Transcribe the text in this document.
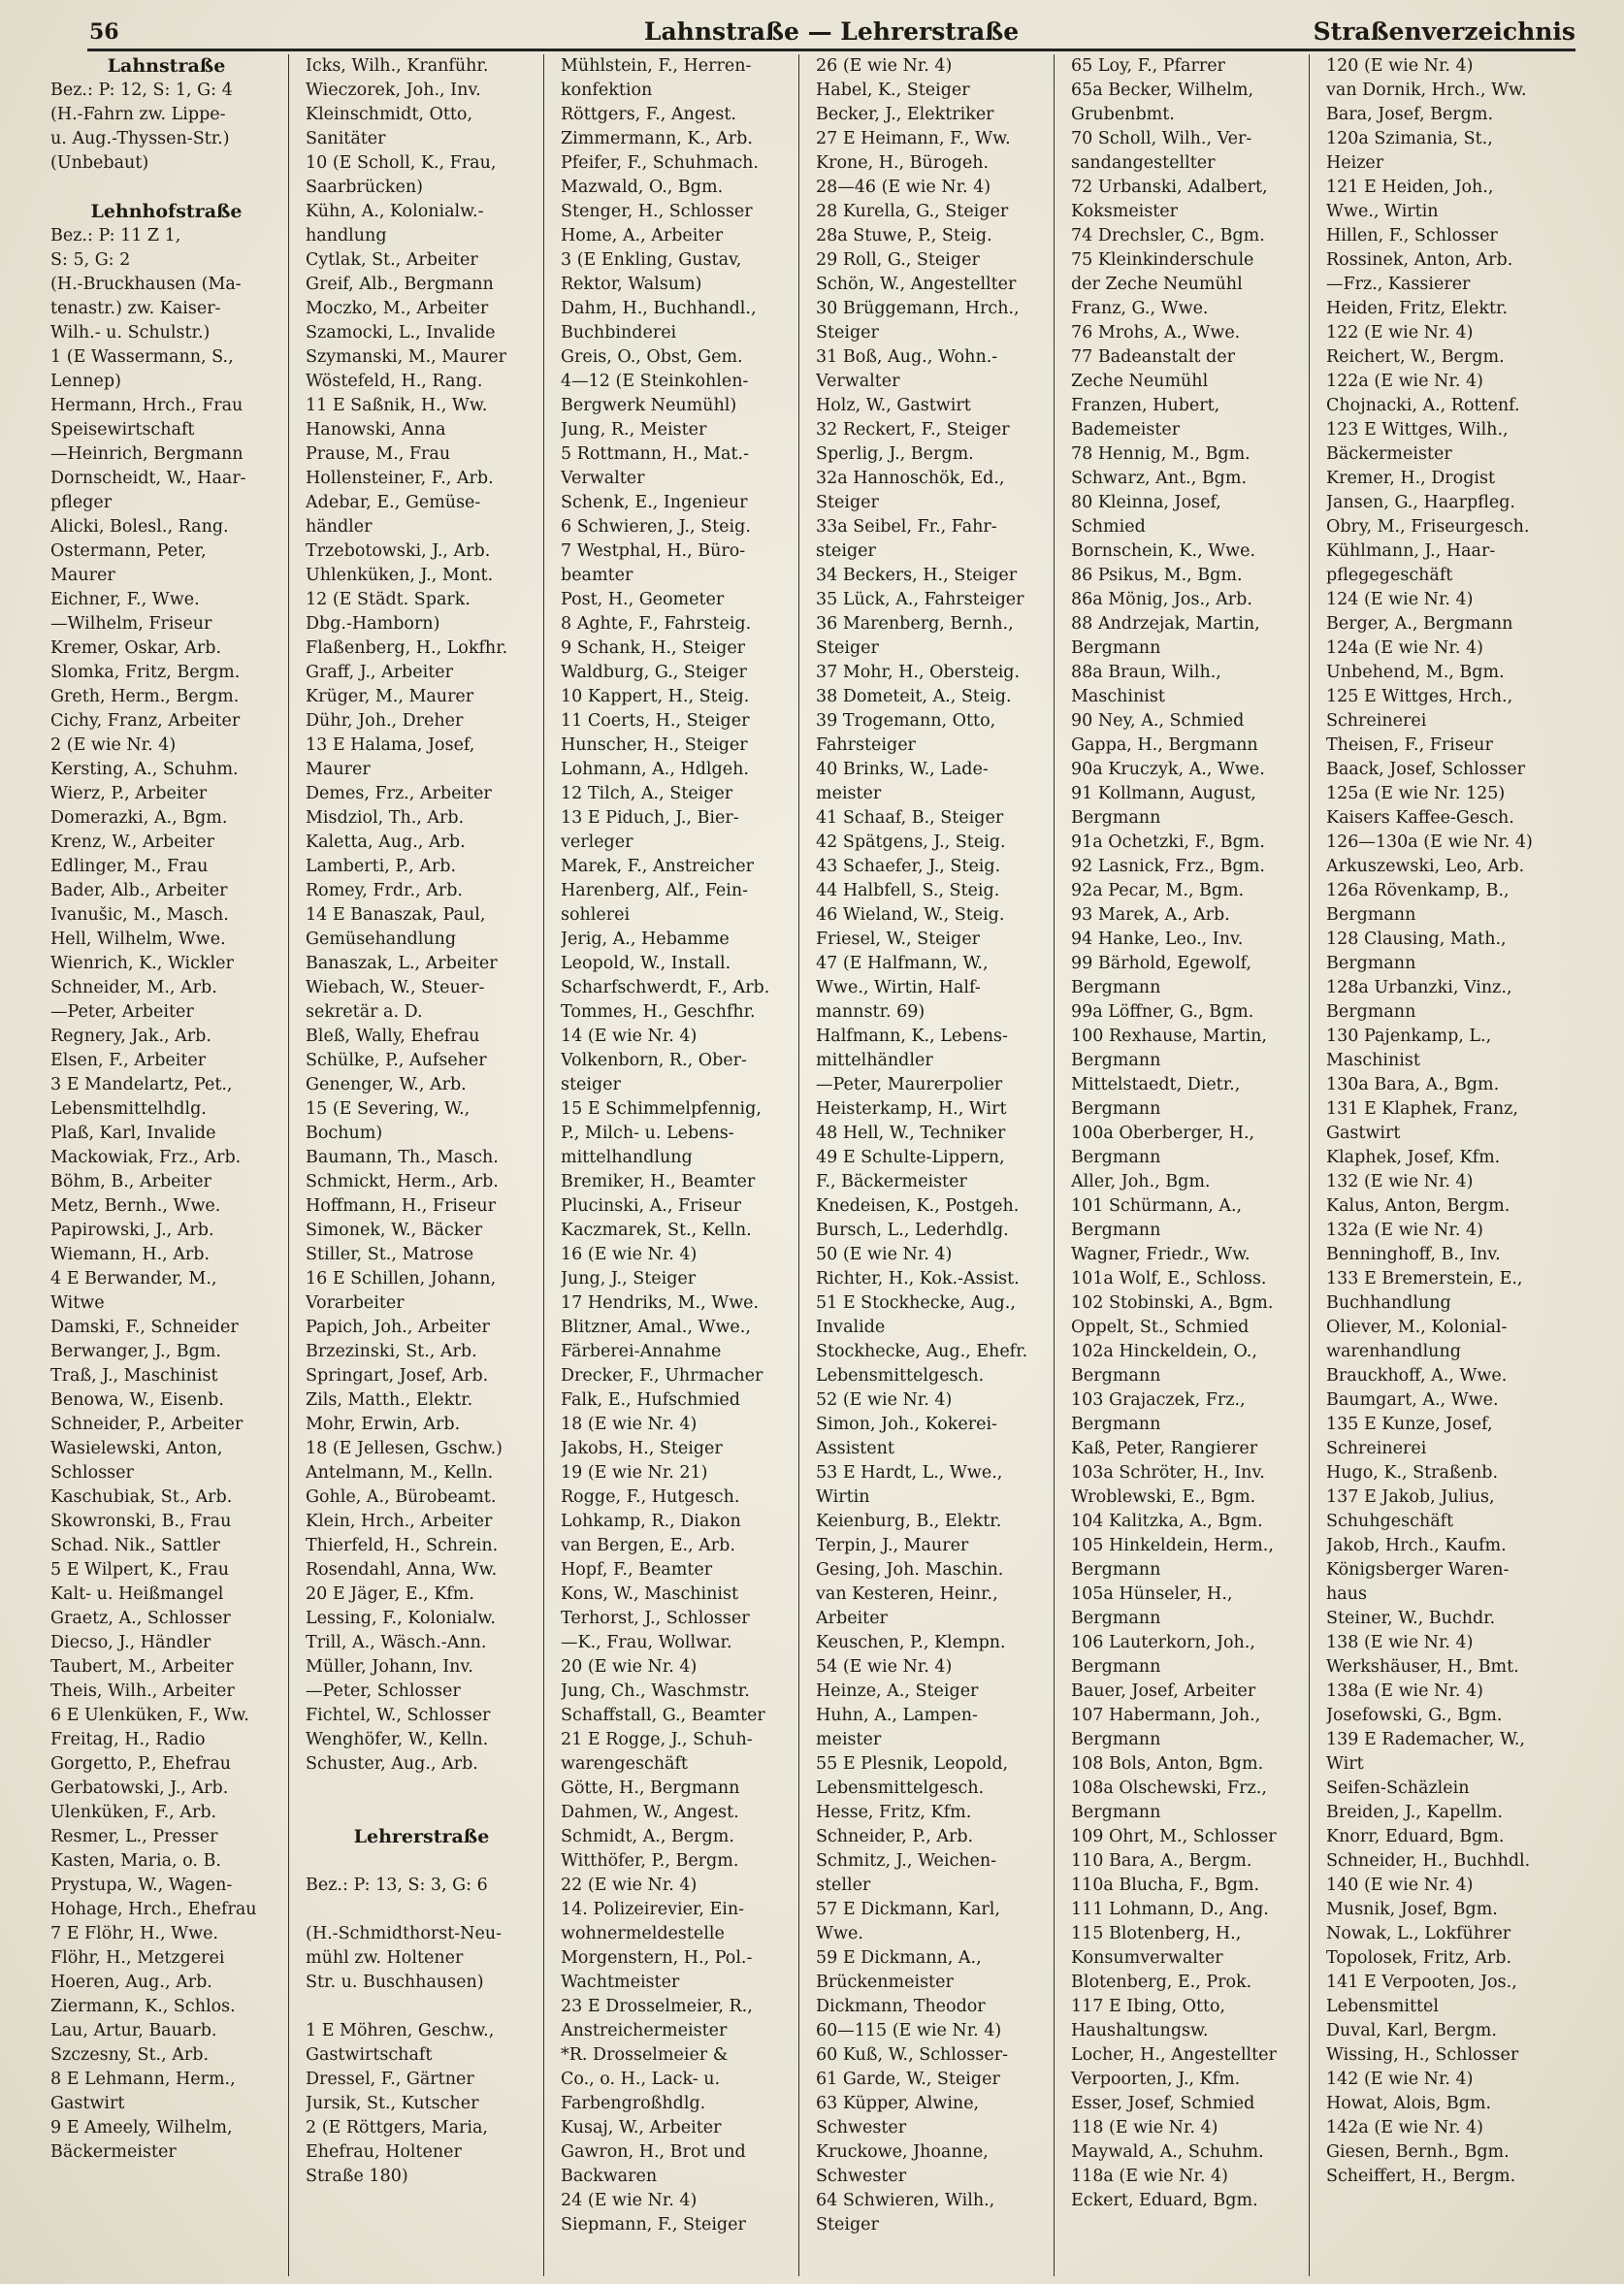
56	Lahnstraße — Lehrerstraße	Straßenverzeichnis
Lahnstraße
Bez.: P: 12, S: 1, G: 4
(H.-Fahrn zw. Lippe-
u. Aug.-Thyssen-Str.)
(Unbebaut)
Lehnhofstraße
Bez.: P: 11 Z 1,
S: 5, G: 2
(H.-Bruckhausen (Ma-
tenastr.) zw. Kaiser-
Wilh.- u. Schulstr.)
1 (E Wassermann, S.,
Lennep)
Hermann, Hrch., Frau
Speisewirtschaft
—Heinrich, Bergmann
Dornscheidt, W., Haar-
pfleger
Alicki, Bolesl., Rang.
Ostermann, Peter,
Maurer
Eichner, F., Wwe.
—Wilhelm, Friseur
Kremer, Oskar, Arb.
Slomka, Fritz, Bergm.
Greth, Herm., Bergm.
Cichy, Franz, Arbeiter
2 (E wie Nr. 4)
Kersting, A., Schuhm.
Wierz, P., Arbeiter
Domerazki, A., Bgm.
Krenz, W., Arbeiter
Edlinger, M., Frau
Bader, Alb., Arbeiter
Ivanušic, M., Masch.
Hell, Wilhelm, Wwe.
Wienrich, K., Wickler
Schneider, M., Arb.
—Peter, Arbeiter
Regnery, Jak., Arb.
Elsen, F., Arbeiter
3 E Mandelartz, Pet.,
Lebensmittelhdlg.
Plaß, Karl, Invalide
Mackowiak, Frz., Arb.
Böhm, B., Arbeiter
Metz, Bernh., Wwe.
Papirowski, J., Arb.
Wiemann, H., Arb.
4 E Berwander, M.,
Witwe
Damski, F., Schneider
Berwanger, J., Bgm.
Traß, J., Maschinist
Benowa, W., Eisenb.
Schneider, P., Arbeiter
Wasielewski, Anton,
Schlosser
Kaschubiak, St., Arb.
Skowronski, B., Frau
Schad. Nik., Sattler
5 E Wilpert, K., Frau
Kalt- u. Heißmangel
Graetz, A., Schlosser
Diecso, J., Händler
Taubert, M., Arbeiter
Theis, Wilh., Arbeiter
6 E Ulenküken, F., Ww.
Freitag, H., Radio
Gorgetto, P., Ehefrau
Gerbatowski, J., Arb.
Ulenküken, F., Arb.
Resmer, L., Presser
Kasten, Maria, o. B.
Prystupa, W., Wagen-
Hohage, Hrch., Ehefrau
7 E Flöhr, H., Wwe.
Flöhr, H., Metzgerei
Hoeren, Aug., Arb.
Ziermann, K., Schlos.
Lau, Artur, Bauarb.
Szczesny, St., Arb.
8 E Lehmann, Herm.,
Gastwirt
9 E Ameely, Wilhelm,
Bäckermeister
Icks, Wilh., Kranführ.
Wieczorek, Joh., Inv.
Kleinschmidt, Otto,
Sanitäter
10 (E Scholl, K., Frau,
Saarbrücken)
Kühn, A., Kolonialw.-
handlung
Cytlak, St., Arbeiter
Greif, Alb., Bergmann
Moczko, M., Arbeiter
Szamocki, L., Invalide
Szymanski, M., Maurer
Wöstefeld, H., Rang.
11 E Saßnik, H., Ww.
Hanowski, Anna
Prause, M., Frau
Hollensteiner, F., Arb.
Adebar, E., Gemüse-
händler
Trzebotowski, J., Arb.
Uhlenküken, J., Mont.
12 (E Städt. Spark.
Dbg.-Hamborn)
Flaßenberg, H., Lokfhr.
Graff, J., Arbeiter
Krüger, M., Maurer
Dühr, Joh., Dreher
13 E Halama, Josef,
Maurer
Demes, Frz., Arbeiter
Misdziol, Th., Arb.
Kaletta, Aug., Arb.
Lamberti, P., Arb.
Romey, Frdr., Arb.
14 E Banaszak, Paul,
Gemüsehandlung
Banaszak, L., Arbeiter
Wiebach, W., Steuer-
sekretär a. D.
Bleß, Wally, Ehefrau
Schülke, P., Aufseher
Genenger, W., Arb.
15 (E Severing, W.,
Bochum)
Baumann, Th., Masch.
Schmickt, Herm., Arb.
Hoffmann, H., Friseur
Simonek, W., Bäcker
Stiller, St., Matrose
16 E Schillen, Johann,
Vorarbeiter
Papich, Joh., Arbeiter
Brzezinski, St., Arb.
Springart, Josef, Arb.
Zils, Matth., Elektr.
Mohr, Erwin, Arb.
18 (E Jellesen, Gschw.)
Antelmann, M., Kelln.
Gohle, A., Bürobeamt.
Klein, Hrch., Arbeiter
Thierfeld, H., Schrein.
Rosendahl, Anna, Ww.
20 E Jäger, E., Kfm.
Lessing, F., Kolonialw.
Trill, A., Wäsch.-Ann.
Müller, Johann, Inv.
—Peter, Schlosser
Fichtel, W., Schlosser
Wenghöfer, W., Kelln.
Schuster, Aug., Arb.
Lehrerstraße
Bez.: P: 13, S: 3, G: 6
(H.-Schmidthorst-Neu-
mühl zw. Holtener
Str. u. Buschhausen)
1 E Möhren, Geschw.,
Gastwirtschaft
Dressel, F., Gärtner
Jursik, St., Kutscher
2 (E Röttgers, Maria,
Ehefrau, Holtener
Straße 180)
Mühlstein, F., Herren-
konfektion
Röttgers, F., Angest.
Zimmermann, K., Arb.
Pfeifer, F., Schuhmach.
Mazwald, O., Bgm.
Stenger, H., Schlosser
Home, A., Arbeiter
3 (E Enkling, Gustav,
Rektor, Walsum)
Dahm, H., Buchhandl.,
Buchbinderei
Greis, O., Obst, Gem.
4—12 (E Steinkohlen-
Bergwerk Neumühl)
Jung, R., Meister
5 Rottmann, H., Mat.-
Verwalter
Schenk, E., Ingenieur
6 Schwieren, J., Steig.
7 Westphal, H., Büro-
beamter
Post, H., Geometer
8 Aghte, F., Fahrsteig.
9 Schank, H., Steiger
Waldburg, G., Steiger
10 Kappert, H., Steig.
11 Coerts, H., Steiger
Hunscher, H., Steiger
Lohmann, A., Hdlgeh.
12 Tilch, A., Steiger
13 E Piduch, J., Bier-
verleger
Marek, F., Anstreicher
Harenberg, Alf., Fein-
sohlerei
Jerig, A., Hebamme
Leopold, W., Install.
Scharfschwerdt, F., Arb.
Tommes, H., Geschfhr.
14 (E wie Nr. 4)
Volkenborn, R., Ober-
steiger
15 E Schimmelpfennig,
P., Milch- u. Lebens-
mittelhandlung
Bremiker, H., Beamter
Plucinski, A., Friseur
Kaczmarek, St., Kelln.
16 (E wie Nr. 4)
Jung, J., Steiger
17 Hendriks, M., Wwe.
Blitzner, Amal., Wwe.,
Färberei-Annahme
Drecker, F., Uhrmacher
Falk, E., Hufschmied
18 (E wie Nr. 4)
Jakobs, H., Steiger
19 (E wie Nr. 21)
Rogge, F., Hutgesch.
Lohkamp, R., Diakon
van Bergen, E., Arb.
Hopf, F., Beamter
Kons, W., Maschinist
Terhorst, J., Schlosser
—K., Frau, Wollwar.
20 (E wie Nr. 4)
Jung, Ch., Waschmstr.
Schaffstall, G., Beamter
21 E Rogge, J., Schuh-
warengeschäft
Götte, H., Bergmann
Dahmen, W., Angest.
Schmidt, A., Bergm.
Witthöfer, P., Bergm.
22 (E wie Nr. 4)
14. Polizeirevier, Ein-
wohnermeldestelle
Morgenstern, H., Pol.-
Wachtmeister
23 E Drosselmeier, R.,
Anstreichermeister
*R. Drosselmeier &
Co., o. H., Lack- u.
Farbengroßhdlg.
Kusaj, W., Arbeiter
Gawron, H., Brot und
Backwaren
24 (E wie Nr. 4)
Siepmann, F., Steiger
26 (E wie Nr. 4)
Habel, K., Steiger
Becker, J., Elektriker
27 E Heimann, F., Ww.
Krone, H., Bürogeh.
28—46 (E wie Nr. 4)
28 Kurella, G., Steiger
28a Stuwe, P., Steig.
29 Roll, G., Steiger
Schön, W., Angestellter
30 Brüggemann, Hrch.,
Steiger
31 Boß, Aug., Wohn.-
Verwalter
Holz, W., Gastwirt
32 Reckert, F., Steiger
Sperlig, J., Bergm.
32a Hannoschök, Ed.,
Steiger
33a Seibel, Fr., Fahr-
steiger
34 Beckers, H., Steiger
35 Lück, A., Fahrsteiger
36 Marenberg, Bernh.,
Steiger
37 Mohr, H., Obersteig.
38 Dometeit, A., Steig.
39 Trogemann, Otto,
Fahrsteiger
40 Brinks, W., Lade-
meister
41 Schaaf, B., Steiger
42 Spätgens, J., Steig.
43 Schaefer, J., Steig.
44 Halbfell, S., Steig.
46 Wieland, W., Steig.
Friesel, W., Steiger
47 (E Halfmann, W.,
Wwe., Wirtin, Half-
mannstr. 69)
Halfmann, K., Lebens-
mittelhändler
—Peter, Maurerpolier
Heisterkamp, H., Wirt
48 Hell, W., Techniker
49 E Schulte-Lippern,
F., Bäckermeister
Knedeisen, K., Postgeh.
Bursch, L., Lederhdlg.
50 (E wie Nr. 4)
Richter, H., Kok.-Assist.
51 E Stockhecke, Aug.,
Invalide
Stockhecke, Aug., Ehefr.
Lebensmittelgesch.
52 (E wie Nr. 4)
Simon, Joh., Kokerei-
Assistent
53 E Hardt, L., Wwe.,
Wirtin
Keienburg, B., Elektr.
Terpin, J., Maurer
Gesing, Joh. Maschin.
van Kesteren, Heinr.,
Arbeiter
Keuschen, P., Klempn.
54 (E wie Nr. 4)
Heinze, A., Steiger
Huhn, A., Lampen-
meister
55 E Plesnik, Leopold,
Lebensmittelgesch.
Hesse, Fritz, Kfm.
Schneider, P., Arb.
Schmitz, J., Weichen-
steller
57 E Dickmann, Karl,
Wwe.
59 E Dickmann, A.,
Brückenmeister
Dickmann, Theodor
60—115 (E wie Nr. 4)
60 Kuß, W., Schlosser-
61 Garde, W., Steiger
63 Küpper, Alwine,
Schwester
Kruckowe, Jhoanne,
Schwester
64 Schwieren, Wilh.,
Steiger
65 Loy, F., Pfarrer
65a Becker, Wilhelm,
Grubenbmt.
70 Scholl, Wilh., Ver-
sandangestellter
72 Urbanski, Adalbert,
Koksmeister
74 Drechsler, C., Bgm.
75 Kleinkinderschule
der Zeche Neumühl
Franz, G., Wwe.
76 Mrohs, A., Wwe.
77 Badeanstalt der
Zeche Neumühl
Franzen, Hubert,
Bademeister
78 Hennig, M., Bgm.
Schwarz, Ant., Bgm.
80 Kleinna, Josef,
Schmied
Bornschein, K., Wwe.
86 Psikus, M., Bgm.
86a Mönig, Jos., Arb.
88 Andrzejak, Martin,
Bergmann
88a Braun, Wilh.,
Maschinist
90 Ney, A., Schmied
Gappa, H., Bergmann
90a Kruczyk, A., Wwe.
91 Kollmann, August,
Bergmann
91a Ochetzki, F., Bgm.
92 Lasnick, Frz., Bgm.
92a Pecar, M., Bgm.
93 Marek, A., Arb.
94 Hanke, Leo., Inv.
99 Bärhold, Egewolf,
Bergmann
99a Löffner, G., Bgm.
100 Rexhause, Martin,
Bergmann
Mittelstaedt, Dietr.,
Bergmann
100a Oberberger, H.,
Bergmann
Aller, Joh., Bgm.
101 Schürmann, A.,
Bergmann
Wagner, Friedr., Ww.
101a Wolf, E., Schloss.
102 Stobinski, A., Bgm.
Oppelt, St., Schmied
102a Hinckeldein, O.,
Bergmann
103 Grajaczek, Frz.,
Bergmann
Kaß, Peter, Rangierer
103a Schröter, H., Inv.
Wroblewski, E., Bgm.
104 Kalitzka, A., Bgm.
105 Hinkeldein, Herm.,
Bergmann
105a Hünseler, H.,
Bergmann
106 Lauterkorn, Joh.,
Bergmann
Bauer, Josef, Arbeiter
107 Habermann, Joh.,
Bergmann
108 Bols, Anton, Bgm.
108a Olschewski, Frz.,
Bergmann
109 Ohrt, M., Schlosser
110 Bara, A., Bergm.
110a Blucha, F., Bgm.
111 Lohmann, D., Ang.
115 Blotenberg, H.,
Konsumverwalter
Blotenberg, E., Prok.
117 E Ibing, Otto,
Haushaltungsw.
Locher, H., Angestellter
Verpoorten, J., Kfm.
Esser, Josef, Schmied
118 (E wie Nr. 4)
Maywald, A., Schuhm.
118a (E wie Nr. 4)
Eckert, Eduard, Bgm.
120 (E wie Nr. 4)
van Dornik, Hrch., Ww.
Bara, Josef, Bergm.
120a Szimania, St.,
Heizer
121 E Heiden, Joh.,
Wwe., Wirtin
Hillen, F., Schlosser
Rossinek, Anton, Arb.
—Frz., Kassierer
Heiden, Fritz, Elektr.
122 (E wie Nr. 4)
Reichert, W., Bergm.
122a (E wie Nr. 4)
Chojnacki, A., Rottenf.
123 E Wittges, Wilh.,
Bäckermeister
Kremer, H., Drogist
Jansen, G., Haarpfleg.
Obry, M., Friseurgesch.
Kühlmann, J., Haar-
pflegegeschäft
124 (E wie Nr. 4)
Berger, A., Bergmann
124a (E wie Nr. 4)
Unbehend, M., Bgm.
125 E Wittges, Hrch.,
Schreinerei
Theisen, F., Friseur
Baack, Josef, Schlosser
125a (E wie Nr. 125)
Kaisers Kaffee-Gesch.
126—130a (E wie Nr. 4)
Arkuszewski, Leo, Arb.
126a Rövenkamp, B.,
Bergmann
128 Clausing, Math.,
Bergmann
128a Urbanzki, Vinz.,
Bergmann
130 Pajenkamp, L.,
Maschinist
130a Bara, A., Bgm.
131 E Klaphek, Franz,
Gastwirt
Klaphek, Josef, Kfm.
132 (E wie Nr. 4)
Kalus, Anton, Bergm.
132a (E wie Nr. 4)
Benninghoff, B., Inv.
133 E Bremerstein, E.,
Buchhandlung
Oliever, M., Kolonial-
warenhandlung
Brauckhoff, A., Wwe.
Baumgart, A., Wwe.
135 E Kunze, Josef,
Schreinerei
Hugo, K., Straßenb.
137 E Jakob, Julius,
Schuhgeschäft
Jakob, Hrch., Kaufm.
Königsberger Waren-
haus
Steiner, W., Buchdr.
138 (E wie Nr. 4)
Werkshäuser, H., Bmt.
138a (E wie Nr. 4)
Josefowski, G., Bgm.
139 E Rademacher, W.,
Wirt
Seifen-Schäzlein
Breiden, J., Kapellm.
Knorr, Eduard, Bgm.
Schneider, H., Buchhdl.
140 (E wie Nr. 4)
Musnik, Josef, Bgm.
Nowak, L., Lokführer
Topolosek, Fritz, Arb.
141 E Verpooten, Jos.,
Lebensmittel
Duval, Karl, Bergm.
Wissing, H., Schlosser
142 (E wie Nr. 4)
Howat, Alois, Bgm.
142a (E wie Nr. 4)
Giesen, Bernh., Bgm.
Scheiffert, H., Bergm.
